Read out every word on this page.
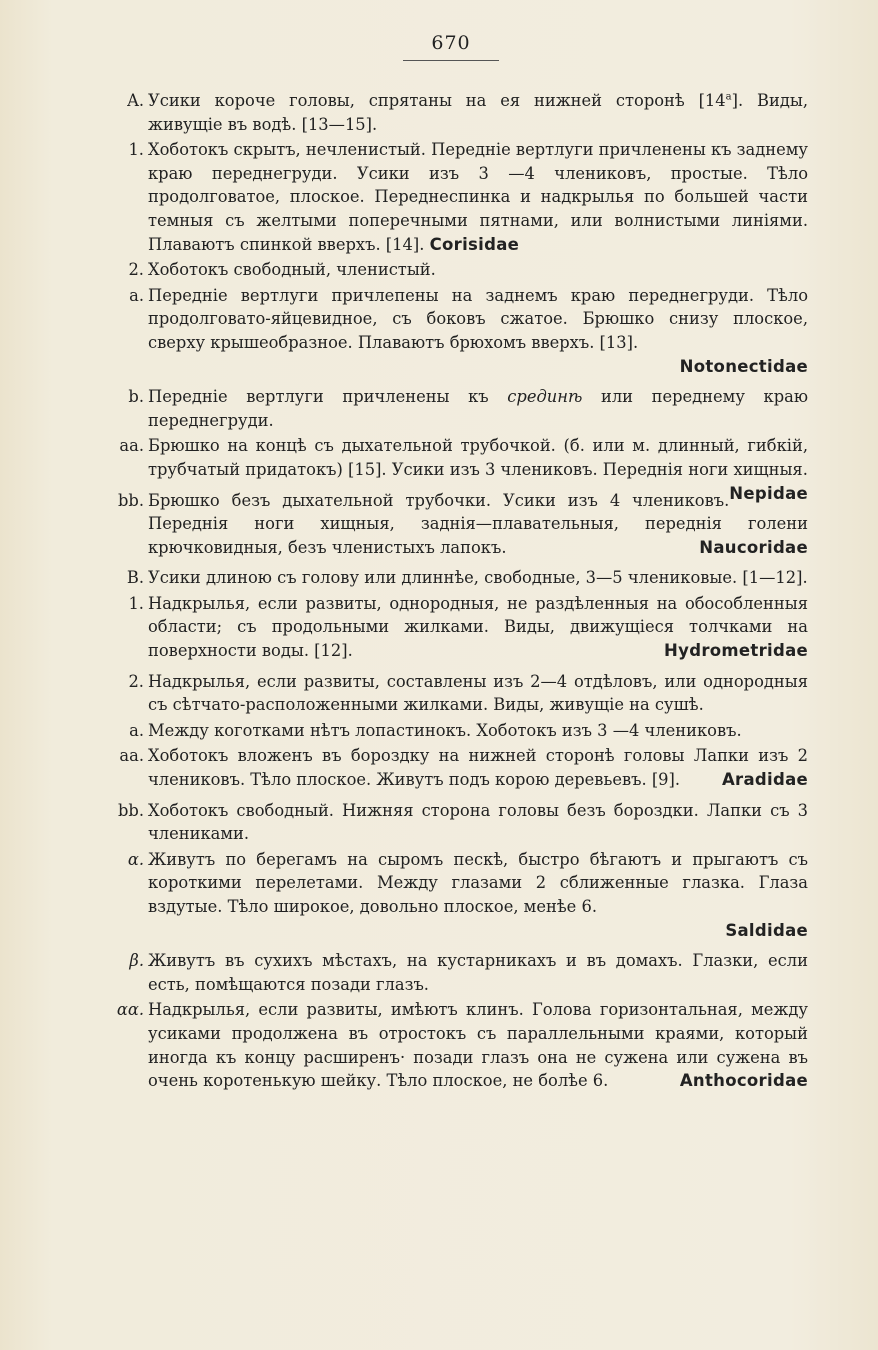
670
A. Усики короче головы, спрятаны на ея нижней сторонѣ [14$^a$]. Виды, живущіе въ водѣ. [13—15].
1. Хоботокъ скрытъ, нечленистый. Передніе вертлуги причленены къ заднему краю переднегруди. Усики изъ 3 —4 члениковъ, простые. Тѣло продолговатое, плоское. Переднеспинка и надкрылья по большей части темныя съ желтыми поперечными пятнами, или волнистыми линіями. Плаваютъ спинкой вверхъ. [14]. Corisidae
2. Хоботокъ свободный, членистый.
a. Передніе вертлуги причлепены на заднемъ краю переднегруди. Тѣло продолговато-яйцевидное, съ боковъ сжатое. Брюшко снизу плоское, сверху крышеобразное. Плаваютъ брюхомъ вверхъ. [13].
Notonectidae
b. Передніе вертлуги причленены къ срединѣ или переднему краю переднегруди.
aa. Брюшко на концѣ съ дыхательной трубочкой. (б. или м. длинный, гибкій, трубчатый придатокъ) [15]. Усики изъ 3 члениковъ. Переднія ноги хищныя.
Nepidae
bb. Брюшко безъ дыхательной трубочки. Усики изъ 4 члениковъ. Переднія ноги хищныя, заднія—плавательныя, переднія голени крючковидныя, безъ членистыхъ лапокъ.	Naucoridae
B. Усики длиною съ голову или длиннѣе, свободные, 3—5 члениковые. [1—12].
1. Надкрылья, если развиты, однородныя, не раздѣленныя на обособленныя области; съ продольными жилками. Виды, движущіеся толчками на поверхности воды. [12].	Hydrometridae
2. Надкрылья, если развиты, составлены изъ 2—4 отдѣловъ, или однородныя съ сѣтчато-расположенными жилками. Виды, живущіе на сушѣ.
a. Между коготками нѣтъ лопастинокъ. Хоботокъ изъ 3 —4 члениковъ.
aa. Хоботокъ вложенъ въ бороздку на нижней сторонѣ головы Лапки изъ 2 члениковъ. Тѣло плоское. Живутъ подъ корою деревьевъ. [9].	Aradidae
bb. Хоботокъ свободный. Нижняя сторона головы безъ бороздки. Лапки съ 3 члениками.
α. Живутъ по берегамъ на сыромъ пескѣ, быстро бѣгаютъ и прыгаютъ съ короткими перелетами. Между глазами 2 сближенные глазка. Глаза вздутые. Тѣло широкое, довольно плоское, менѣе 6.
Saldidae
β. Живутъ въ сухихъ мѣстахъ, на кустарникахъ и въ домахъ. Глазки, если есть, помѣщаются позади глазъ.
αα. Надкрылья, если развиты, имѣютъ клинъ. Голова горизонтальная, между усиками продолжена въ отростокъ съ параллельными краями, который иногда къ концу расширенъ· позади глазъ она не сужена или сужена въ очень коротенькую шейку. Тѣло плоское, не болѣе 6.	Anthocoridae
